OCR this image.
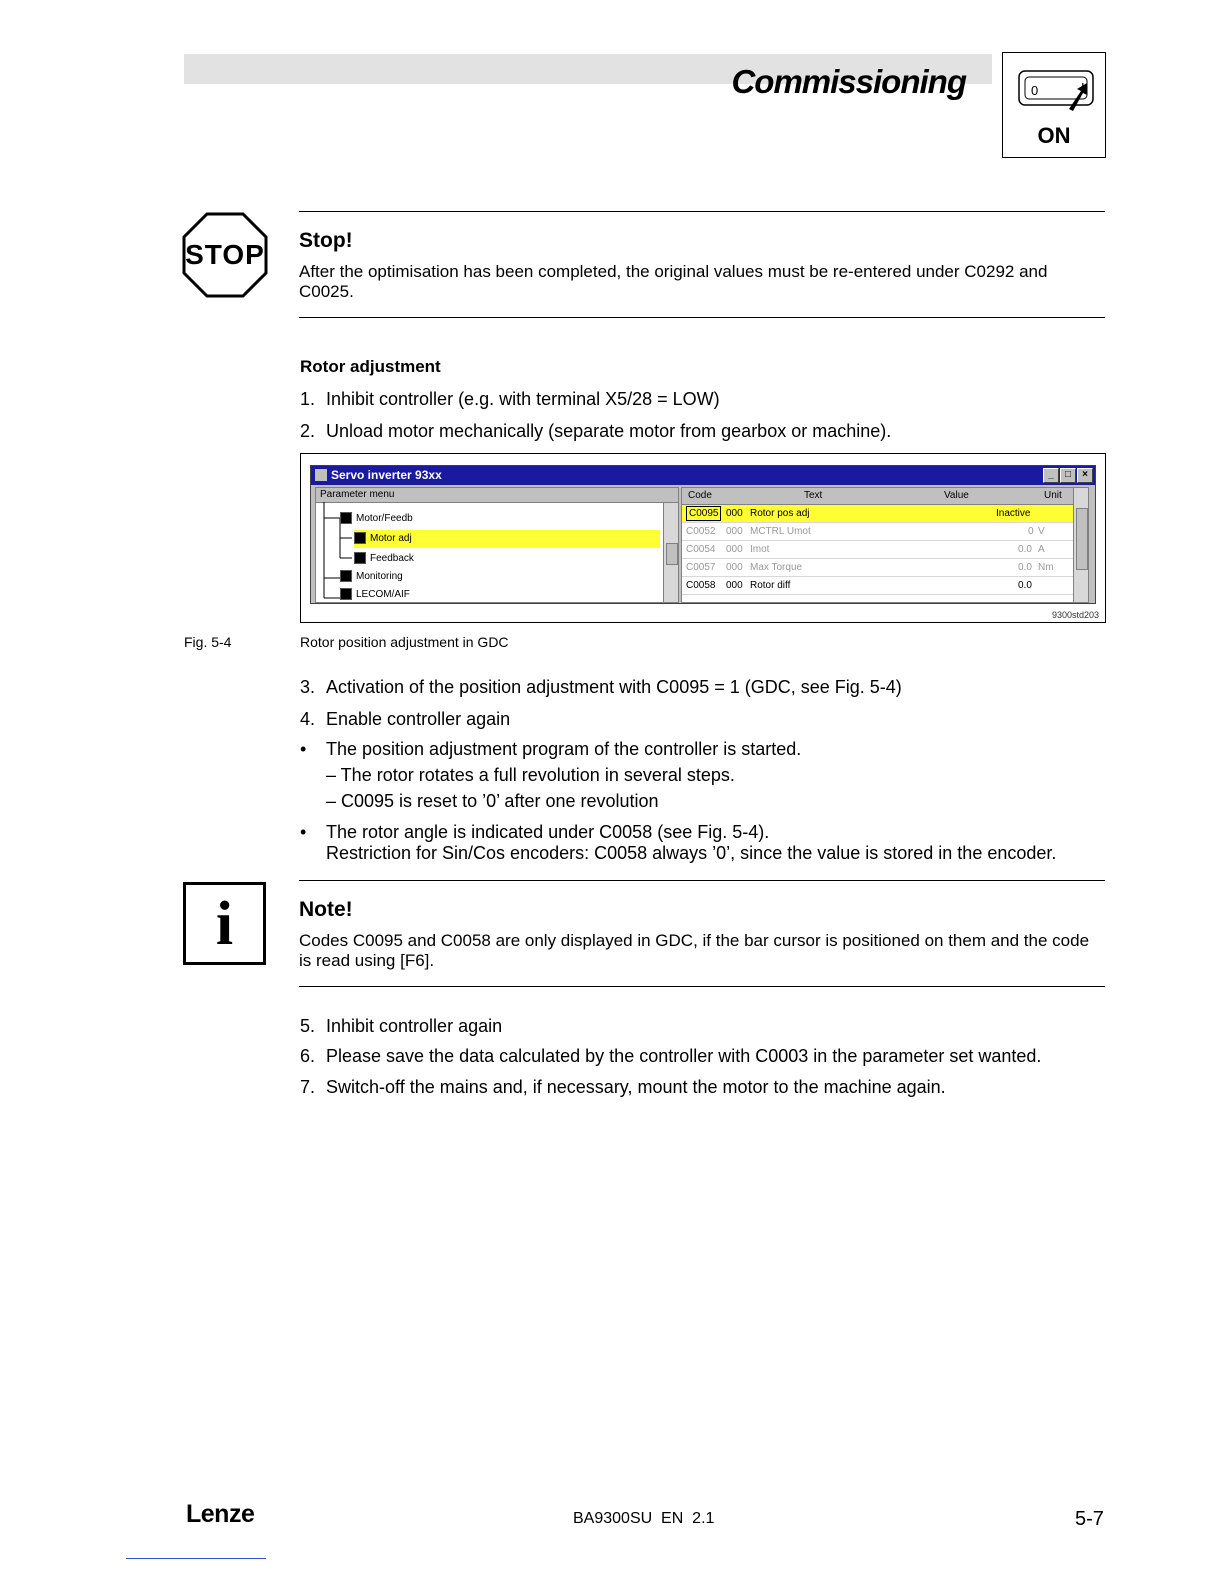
Commissioning	0	I
ON
STOP Stop!
After the optimisation has been completed, the original values must be re-entered under C0292 and C0025.
Rotor adjustment
1. Inhibit controller (e.g. with terminal X5/28 = LOW)
2. Unload motor mechanically (separate motor from gearbox or machine).
Servo inverter 93xx	_	□	×
Parameter menu
Motor/Feedb
Motor adj
Feedback
Monitoring
LECOM/AIF
Code	Text	Value	Unit
C0095 000 Rotor pos adj	Inactive
C0052 000 MCTRL Umot	0 V
C0054 000 Imot	0.0 A
C0057 000 Max Torque	0.0 Nm
C0058 000 Rotor diff	0.0
9300std203
Fig. 5-4	Rotor position adjustment in GDC
3. Activation of the position adjustment with C0095 = 1 (GDC, see Fig. 5-4)
4. Enable controller again
• The position adjustment program of the controller is started.
– The rotor rotates a full revolution in several steps.
– C0095 is reset to ’0’ after one revolution
• The rotor angle is indicated under C0058 (see Fig. 5-4).
Restriction for Sin/Cos encoders: C0058 always ’0’, since the value is stored in the encoder.
i	Note!
Codes C0095 and C0058 are only displayed in GDC, if the bar cursor is positioned on them and the code is read using [F6].
5. Inhibit controller again
6. Please save the data calculated by the controller with C0003 in the parameter set wanted.
7. Switch-off the mains and, if necessary, mount the motor to the machine again.
Lenze	BA9300SU  EN  2.1	5-7
